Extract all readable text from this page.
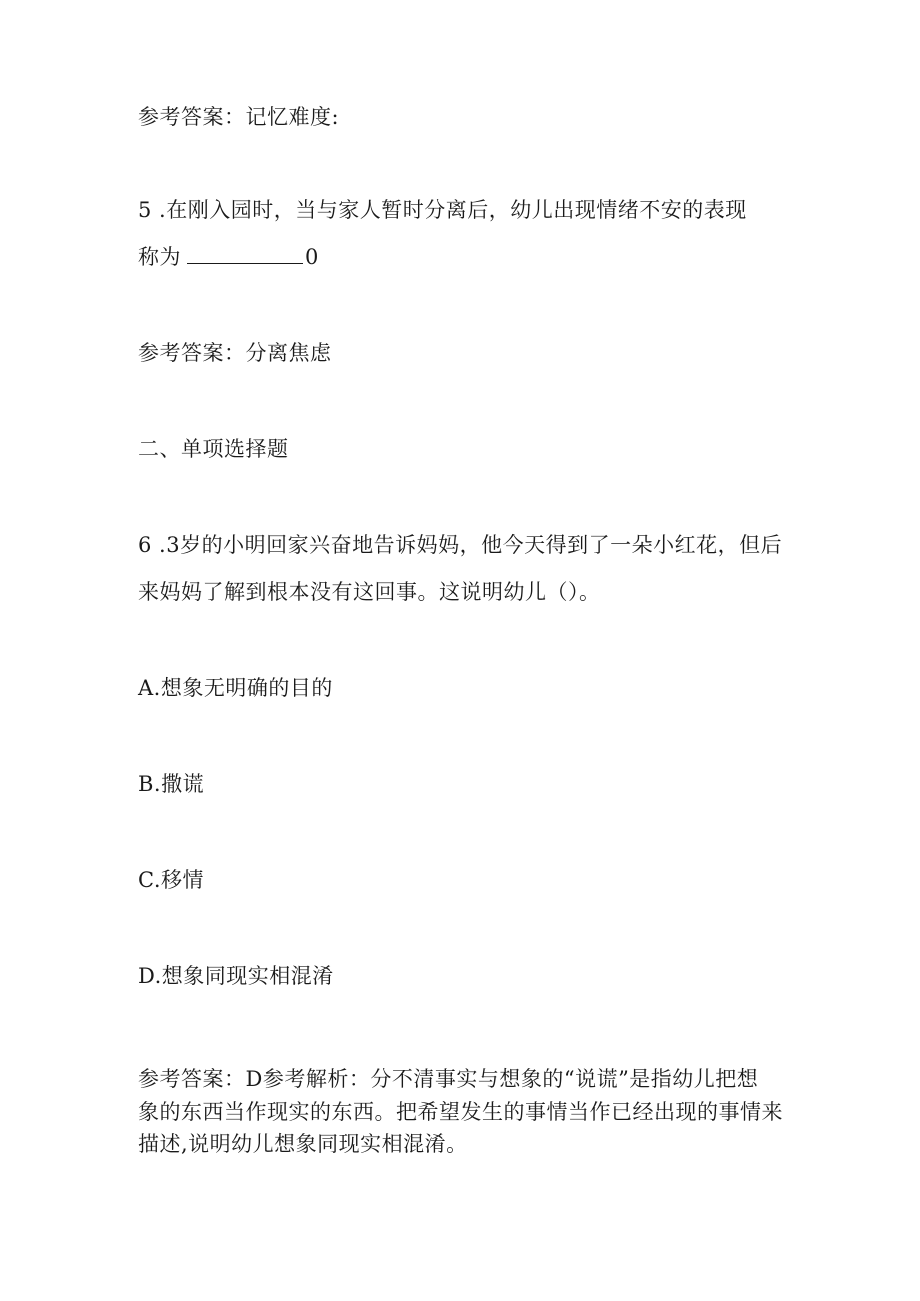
参考答案：记忆难度:
5 .在刚入园时，当与家人暂时分离后，幼儿出现情绪不安的表现
称为	0
参考答案：分离焦虑
二、单项选择题
6 .3岁的小明回家兴奋地告诉妈妈，他今天得到了一朵小红花，但后
来妈妈了解到根本没有这回事。这说明幼儿（）。
A.想象无明确的目的
B.撒谎
C.移情
D.想象同现实相混淆
参考答案：D参考解析：分不清事实与想象的“说谎”是指幼儿把想
象的东西当作现实的东西。把希望发生的事情当作已经出现的事情来
描述,说明幼儿想象同现实相混淆。
